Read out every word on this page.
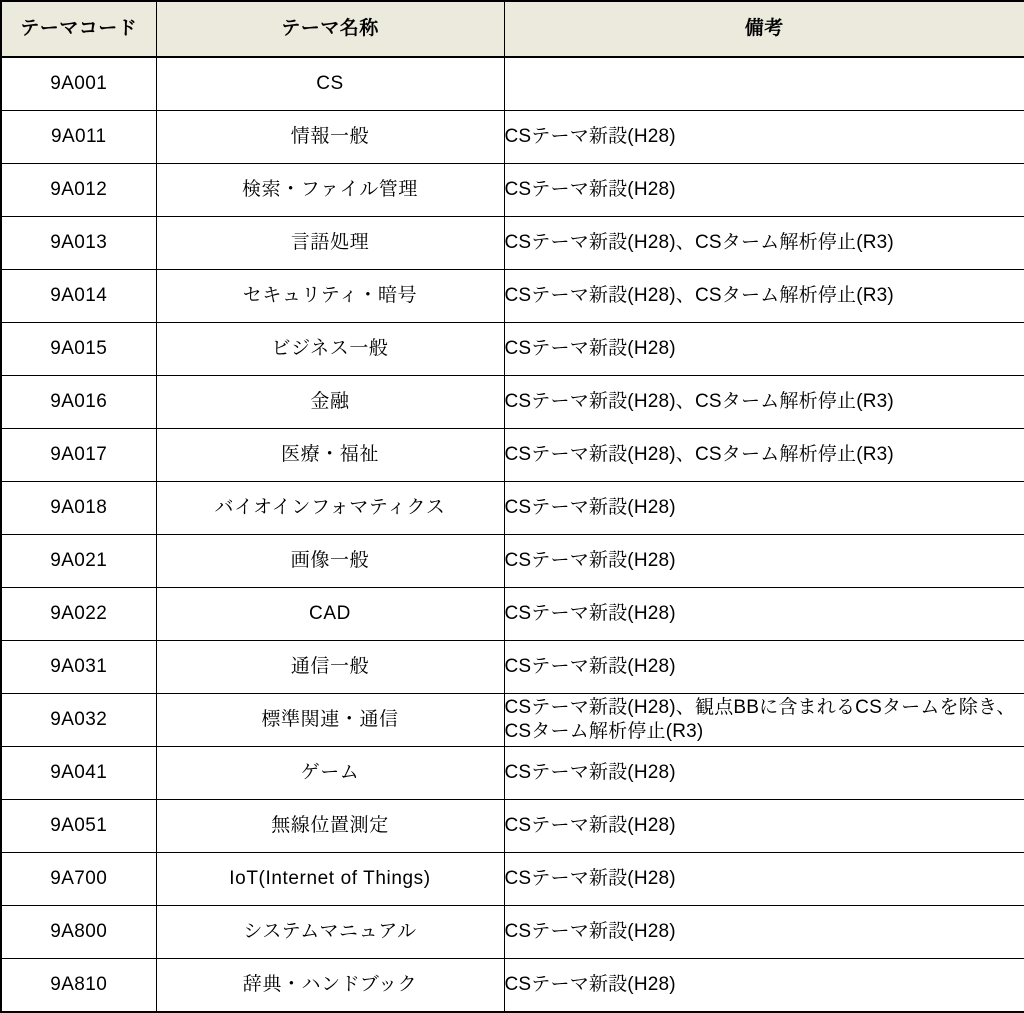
テーマコード	テーマ名称	備考
9A001	CS	
9A011	情報一般	CSテーマ新設(H28)
9A012	検索・ファイル管理	CSテーマ新設(H28)
9A013	言語処理	CSテーマ新設(H28)、CSターム解析停止(R3)
9A014	セキュリティ・暗号	CSテーマ新設(H28)、CSターム解析停止(R3)
9A015	ビジネス一般	CSテーマ新設(H28)
9A016	金融	CSテーマ新設(H28)、CSターム解析停止(R3)
9A017	医療・福祉	CSテーマ新設(H28)、CSターム解析停止(R3)
9A018	バイオインフォマティクス	CSテーマ新設(H28)
9A021	画像一般	CSテーマ新設(H28)
9A022	CAD	CSテーマ新設(H28)
9A031	通信一般	CSテーマ新設(H28)
9A032	標準関連・通信	CSテーマ新設(H28)、観点BBに含まれるCSタームを除き、CSターム解析停止(R3)
9A041	ゲーム	CSテーマ新設(H28)
9A051	無線位置測定	CSテーマ新設(H28)
9A700	IoT(Internet of Things)	CSテーマ新設(H28)
9A800	システムマニュアル	CSテーマ新設(H28)
9A810	辞典・ハンドブック	CSテーマ新設(H28)
